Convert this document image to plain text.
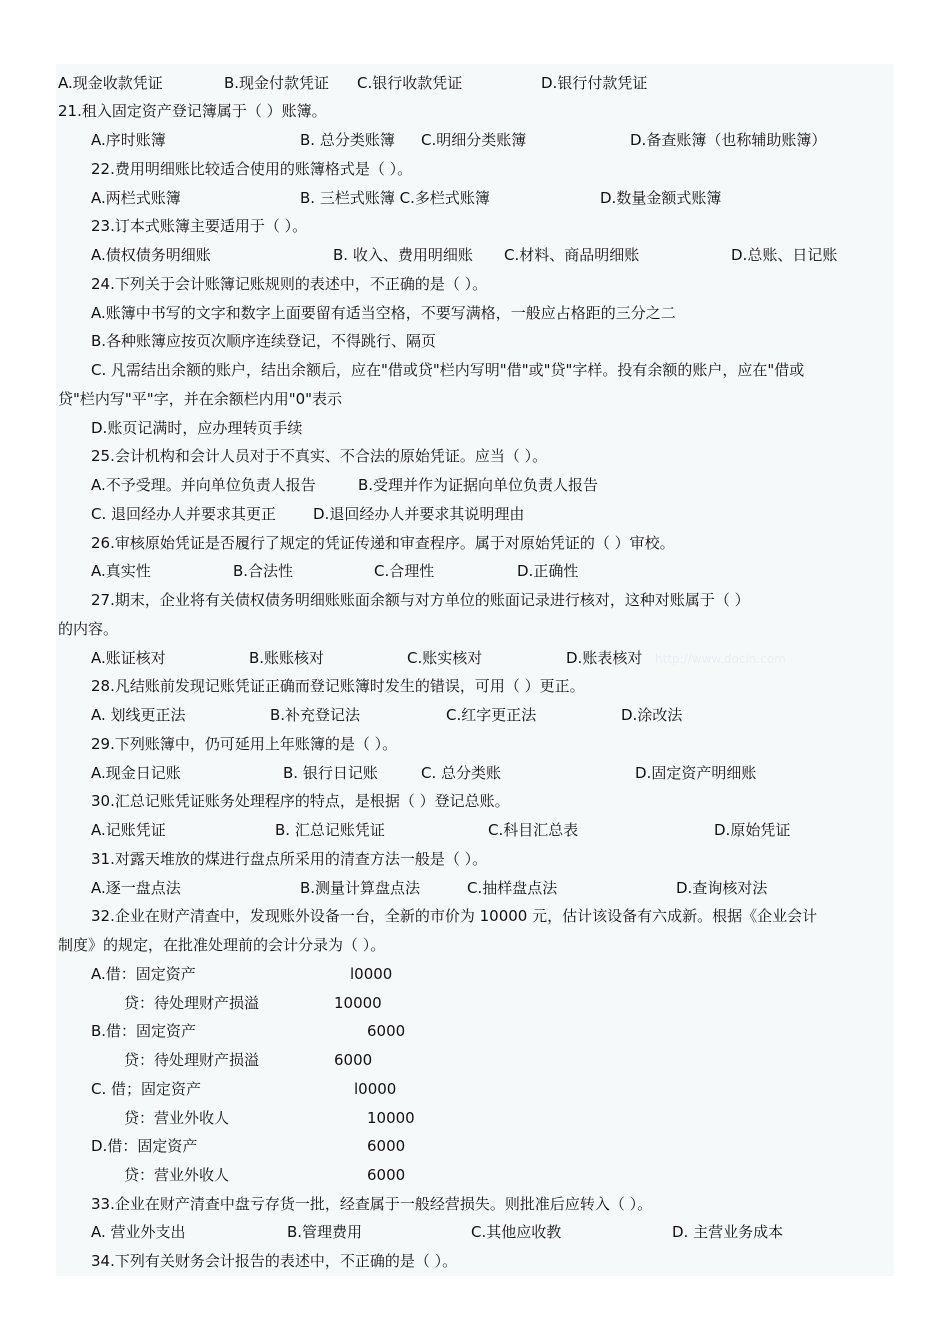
A.现金收款凭证	B.现金付款凭证 C.银行收款凭证	D.银行付款凭证
21.租入固定资产登记簿属于（ ）账簿。
A.序时账簿	B. 总分类账簿 C.明细分类账簿	D.备查账簿（也称辅助账簿）
22.费用明细账比较适合使用的账簿格式是（ ）。
A.两栏式账簿	B. 三栏式账簿 C.多栏式账簿	D.数量金额式账簿
23.订本式账簿主要适用于（ ）。
A.债权债务明细账	B. 收入、费用明细账 C.材料、商品明细账	D.总账、日记账
24.下列关于会计账簿记账规则的表述中，不正确的是（ ）。
A.账簿中书写的文字和数字上面要留有适当空格，不要写满格，一般应占格距的三分之二
B.各种账簿应按页次顺序连续登记，不得跳行、隔页
C. 凡需结出余额的账户，结出余额后，应在"借或贷"栏内写明"借"或"贷"字样。投有余额的账户，应在"借或
贷"栏内写"平"字，并在余额栏内用"0"表示
D.账页记满时，应办理转页手续
25.会计机构和会计人员对于不真实、不合法的原始凭证。应当（ ）。
A.不予受理。并向单位负责人报告	B.受理并作为证据向单位负责人报告
C. 退回经办人并要求其更正 D.退回经办人并要求其说明理由
26.审核原始凭证是否履行了规定的凭证传递和审查程序。属于对原始凭证的（ ）审校。
A.真实性	B.合法性	C.合理性	D.正确性
27.期末，企业将有关债权债务明细账账面余额与对方单位的账面记录进行核对，这种对账属于（ ）
的内容。
A.账证核对	B.账账核对	C.账实核对	D.账表核对
28.凡结账前发现记账凭证正确而登记账簿时发生的错误，可用（ ）更正。
A. 划线更正法	B.补充登记法	C.红字更正法	D.涂改法
29.下列账簿中，仍可延用上年账簿的是（ ）。
A.现金日记账	B. 银行日记账	C. 总分类账	D.固定资产明细账
30.汇总记账凭证账务处理程序的特点，是根据（ ）登记总账。
A.记账凭证	B. 汇总记账凭证	C.科目汇总表	D.原始凭证
31.对露天堆放的煤进行盘点所采用的清查方法一般是（ ）。
A.逐一盘点法	B.测量计算盘点法	C.抽样盘点法	D.查询核对法
32.企业在财产清查中，发现账外设备一台，全新的市价为 10000 元，估计该设备有六成新。根据《企业会计
制度》的规定，在批准处理前的会计分录为（ ）。
A.借：固定资产	l0000
贷：待处理财产损溢	10000
B.借：固定资产	6000
贷：待处理财产损溢	6000
C. 借；固定资产	l0000
贷：营业外收人	10000
D.借：固定资产	6000
贷：营业外收人	6000
33.企业在财产清查中盘亏存货一批，经查属于一般经营损失。则批准后应转入（ ）。
A. 营业外支出	B.管理费用	C.其他应收教	D. 主营业务成本
34.下列有关财务会计报告的表述中，不正确的是（ ）。
http://www.docin.com
